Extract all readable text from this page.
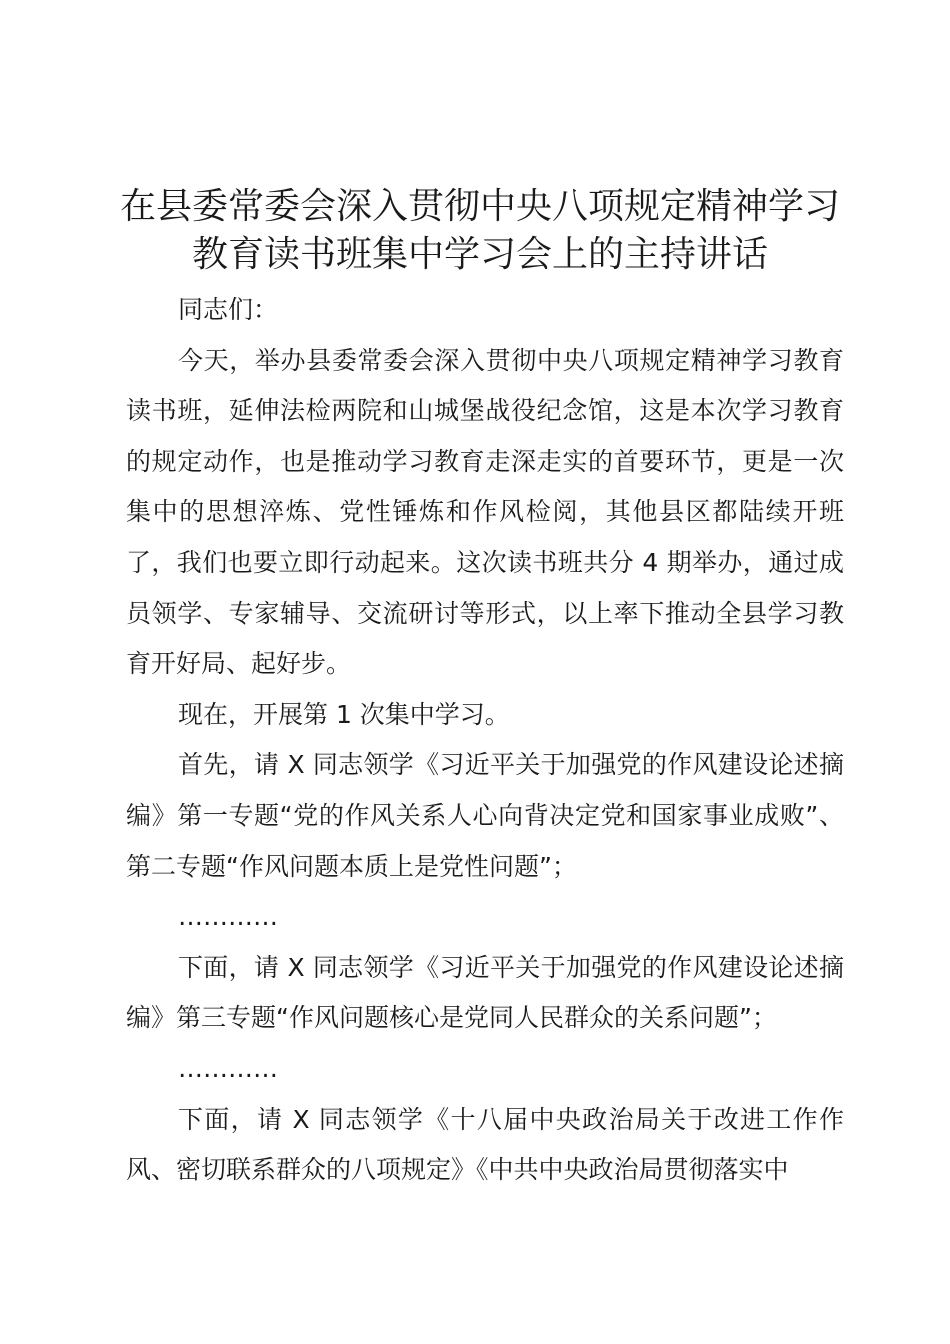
在县委常委会深入贯彻中央八项规定精神学习
教育读书班集中学习会上的主持讲话

同志们：

今天，举办县委常委会深入贯彻中央八项规定精神学习教育读书班，延伸法检两院和山城堡战役纪念馆，这是本次学习教育的规定动作，也是推动学习教育走深走实的首要环节，更是一次集中的思想淬炼、党性锤炼和作风检阅，其他县区都陆续开班了，我们也要立即行动起来。这次读书班共分 4 期举办，通过成员领学、专家辅导、交流研讨等形式，以上率下推动全县学习教育开好局、起好步。

现在，开展第 1 次集中学习。

首先，请 X 同志领学《习近平关于加强党的作风建设论述摘编》第一专题“党的作风关系人心向背决定党和国家事业成败”、第二专题“作风问题本质上是党性问题”；

…………

下面，请 X 同志领学《习近平关于加强党的作风建设论述摘编》第三专题“作风问题核心是党同人民群众的关系问题”；

…………

下面，请 X 同志领学《十八届中央政治局关于改进工作作风、密切联系群众的八项规定》《中共中央政治局贯彻落实中
